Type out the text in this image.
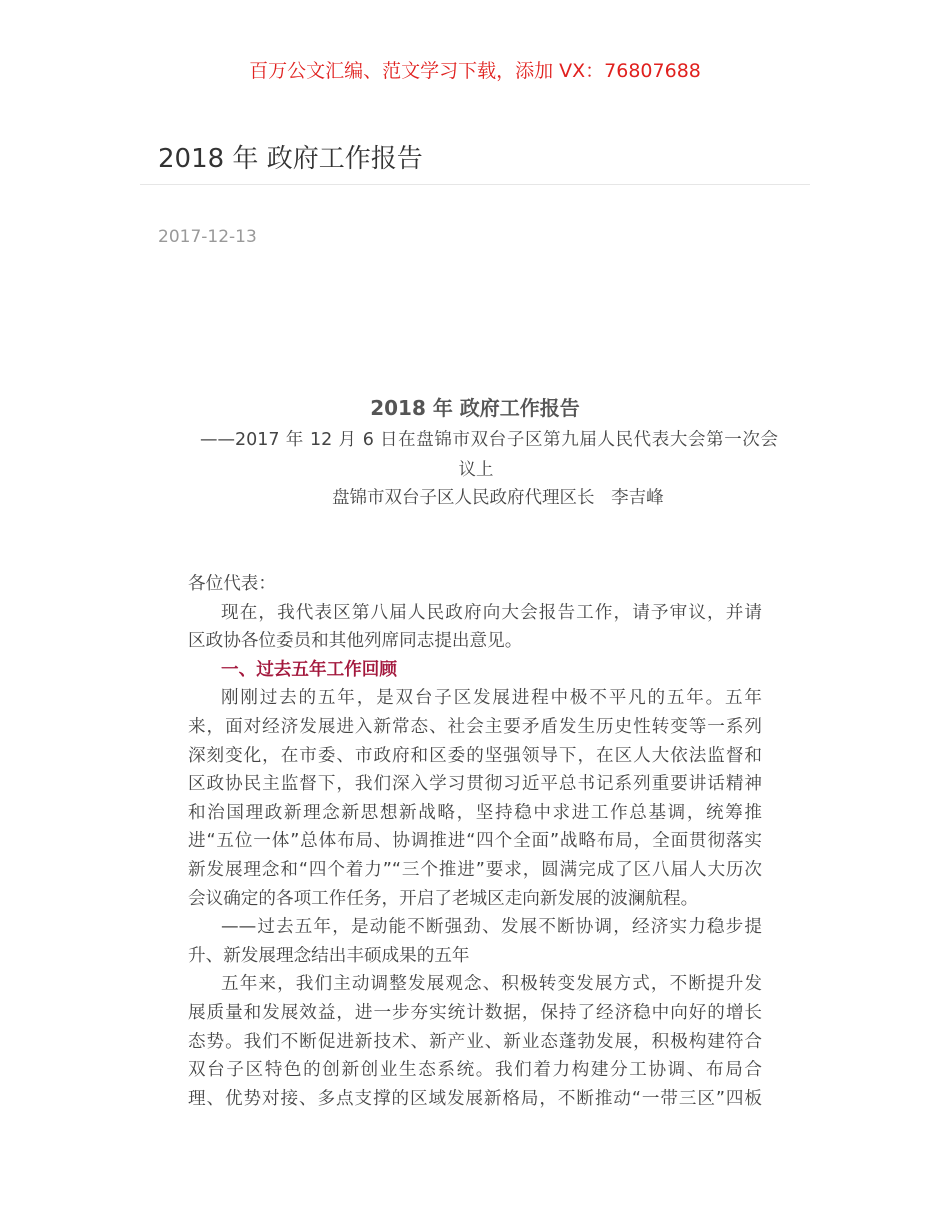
百万公文汇编、范文学习下载，添加 VX：76807688
2018 年 政府工作报告
2017-12-13
2018 年 政府工作报告
——2017 年 12 月 6 日在盘锦市双台子区第九届人民代表大会第一次会
议上
盘锦市双台子区人民政府代理区长   李吉峰
各位代表：
现在，我代表区第八届人民政府向大会报告工作，请予审议，并请
区政协各位委员和其他列席同志提出意见。
一、过去五年工作回顾
刚刚过去的五年，是双台子区发展进程中极不平凡的五年。五年
来，面对经济发展进入新常态、社会主要矛盾发生历史性转变等一系列
深刻变化，在市委、市政府和区委的坚强领导下，在区人大依法监督和
区政协民主监督下，我们深入学习贯彻习近平总书记系列重要讲话精神
和治国理政新理念新思想新战略，坚持稳中求进工作总基调，统筹推
进“五位一体”总体布局、协调推进“四个全面”战略布局，全面贯彻落实
新发展理念和“四个着力”“三个推进”要求，圆满完成了区八届人大历次
会议确定的各项工作任务，开启了老城区走向新发展的波澜航程。
——过去五年，是动能不断强劲、发展不断协调，经济实力稳步提
升、新发展理念结出丰硕成果的五年
五年来，我们主动调整发展观念、积极转变发展方式，不断提升发
展质量和发展效益，进一步夯实统计数据，保持了经济稳中向好的增长
态势。我们不断促进新技术、新产业、新业态蓬勃发展，积极构建符合
双台子区特色的创新创业生态系统。我们着力构建分工协调、布局合
理、优势对接、多点支撑的区域发展新格局，不断推动“一带三区”四板
